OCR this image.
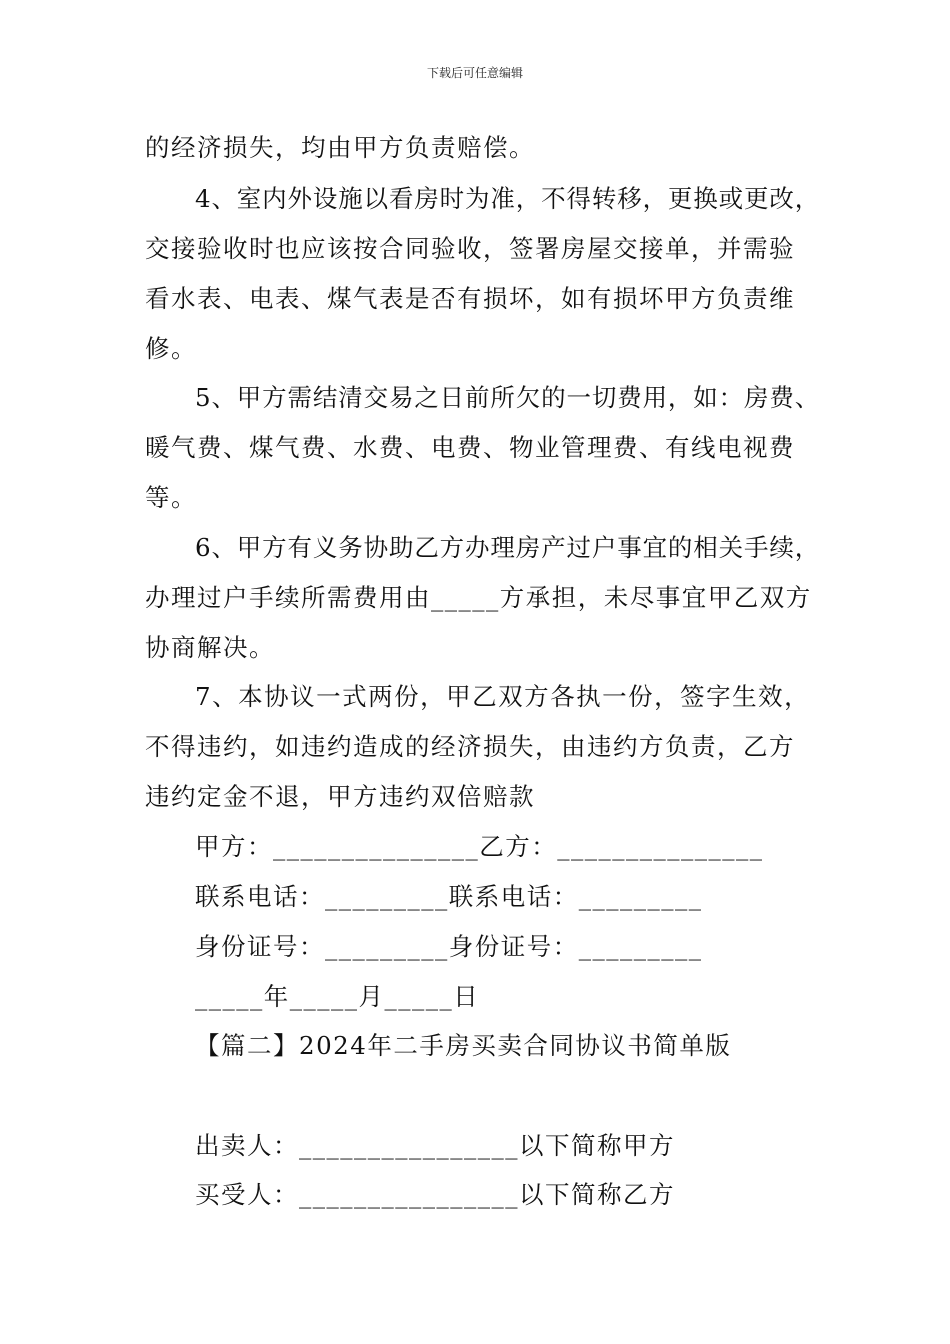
下载后可任意编辑
的经济损失，均由甲方负责赔偿。
4、室内外设施以看房时为准，不得转移，更换或更改，
交接验收时也应该按合同验收，签署房屋交接单，并需验
看水表、电表、煤气表是否有损坏，如有损坏甲方负责维
修。
5、甲方需结清交易之日前所欠的一切费用，如：房费、
暖气费、煤气费、水费、电费、物业管理费、有线电视费
等。
6、甲方有义务协助乙方办理房产过户事宜的相关手续，
办理过户手续所需费用由_____方承担，未尽事宜甲乙双方
协商解决。
7、本协议一式两份，甲乙双方各执一份，签字生效，
不得违约，如违约造成的经济损失，由违约方负责，乙方
违约定金不退，甲方违约双倍赔款
甲方：_______________乙方：_______________
联系电话：_________联系电话：_________
身份证号：_________身份证号：_________
_____年_____月_____日
【篇二】2024年二手房买卖合同协议书简单版
出卖人：________________以下简称甲方
买受人：________________以下简称乙方
